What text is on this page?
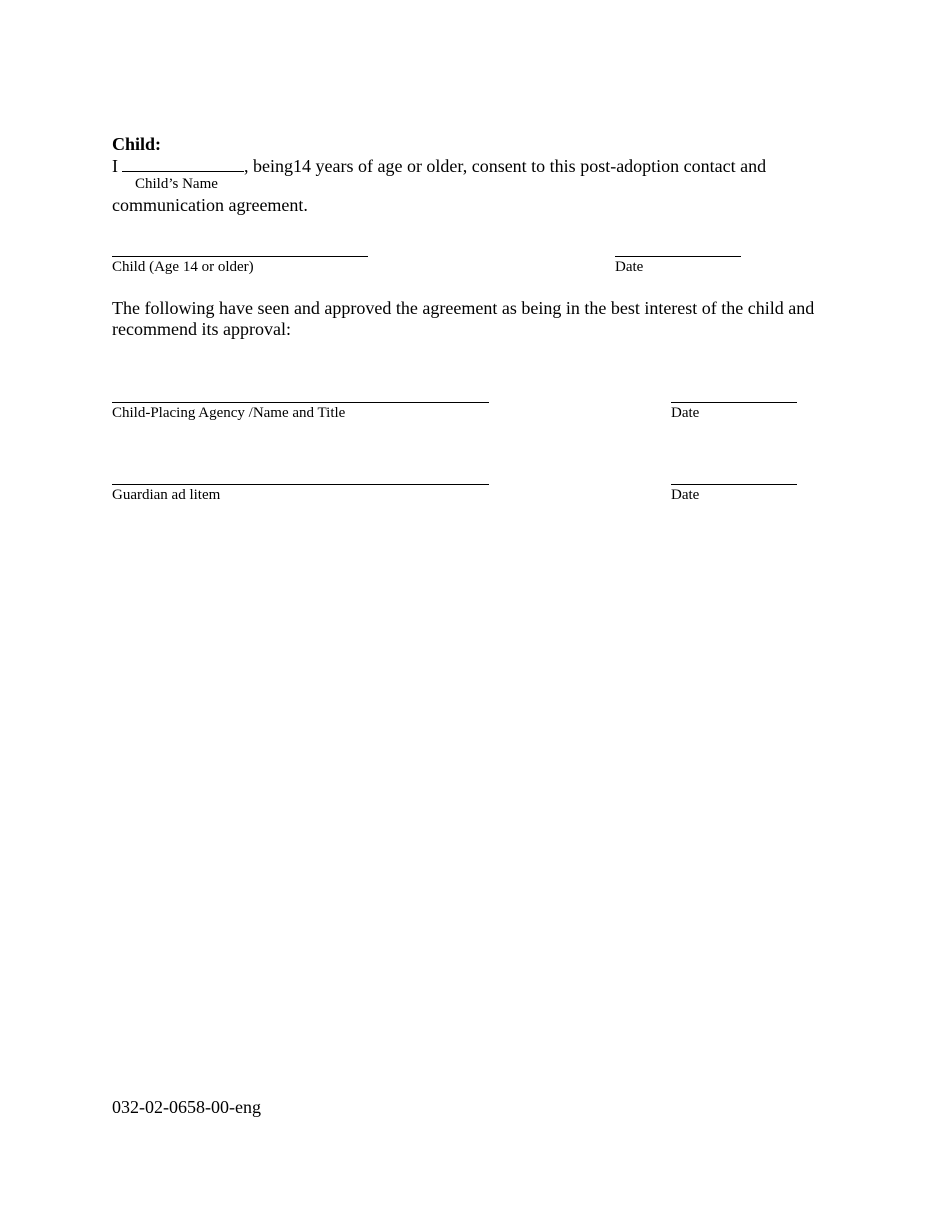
Child:
I	, being14 years of age or older, consent to this post-adoption contact and
Child’s Name
communication agreement.
Child (Age 14 or older)	Date
The following have seen and approved the agreement as being in the best interest of the child and recommend its approval:
Child-Placing Agency /Name and Title	Date
Guardian ad litem	Date
032-02-0658-00-eng
